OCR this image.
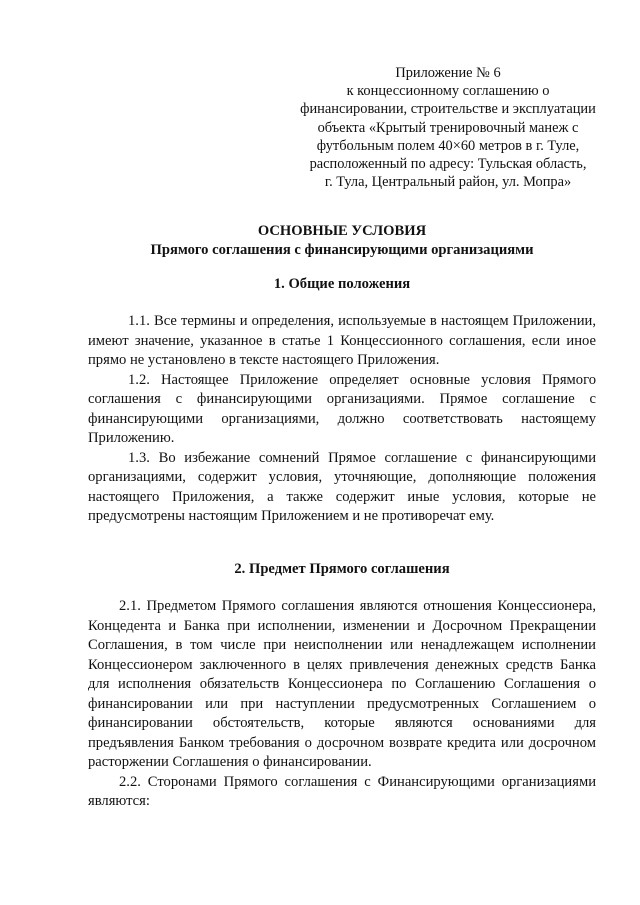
Приложение № 6
к концессионному соглашению о
финансировании, строительстве и эксплуатации
объекта «Крытый тренировочный манеж с
футбольным полем 40×60 метров в г. Туле,
расположенный по адресу: Тульская область,
г. Тула, Центральный район, ул. Мопра»
ОСНОВНЫЕ УСЛОВИЯ
Прямого соглашения с финансирующими организациями
1. Общие положения

1.1. Все термины и определения, используемые в настоящем Приложении, имеют значение, указанное в статье 1 Концессионного соглашения, если иное прямо не установлено в тексте настоящего Приложения.

1.2. Настоящее Приложение определяет основные условия Прямого соглашения с финансирующими организациями. Прямое соглашение с финансирующими организациями, должно соответствовать настоящему Приложению.

1.3. Во избежание сомнений Прямое соглашение с финансирующими организациями, содержит условия, уточняющие, дополняющие положения настоящего Приложения, а также содержит иные условия, которые не предусмотрены настоящим Приложением и не противоречат ему.

2. Предмет Прямого соглашения

2.1. Предметом Прямого соглашения являются отношения Концессионера, Концедента и Банка при исполнении, изменении и Досрочном Прекращении Соглашения, в том числе при неисполнении или ненадлежащем исполнении Концессионером заключенного в целях привлечения денежных средств Банка для исполнения обязательств Концессионера по Соглашению Соглашения о финансировании или при наступлении предусмотренных Соглашением о финансировании обстоятельств, которые являются основаниями для предъявления Банком требования о досрочном возврате кредита или досрочном расторжении Соглашения о финансировании.

2.2. Сторонами Прямого соглашения с Финансирующими организациями являются:
